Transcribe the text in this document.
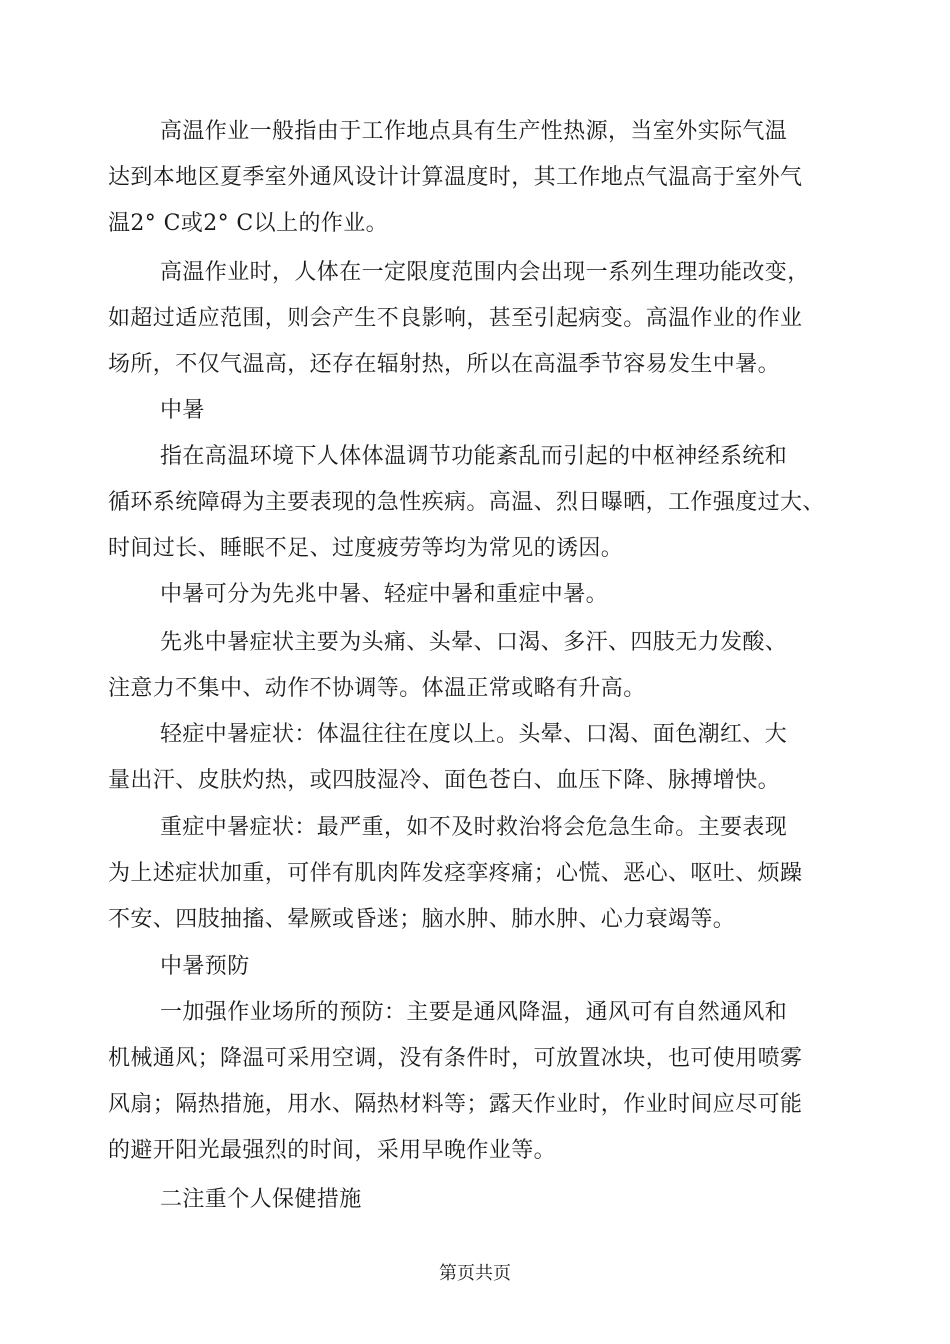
高温作业一般指由于工作地点具有生产性热源，当室外实际气温
达到本地区夏季室外通风设计计算温度时，其工作地点气温高于室外气
温2° C或2° C以上的作业。
高温作业时，人体在一定限度范围内会出现一系列生理功能改变，
如超过适应范围，则会产生不良影响，甚至引起病变。高温作业的作业
场所，不仅气温高，还存在辐射热，所以在高温季节容易发生中暑。
中暑
指在高温环境下人体体温调节功能紊乱而引起的中枢神经系统和
循环系统障碍为主要表现的急性疾病。高温、烈日曝晒，工作强度过大、
时间过长、睡眠不足、过度疲劳等均为常见的诱因。
中暑可分为先兆中暑、轻症中暑和重症中暑。
先兆中暑症状主要为头痛、头晕、口渴、多汗、四肢无力发酸、
注意力不集中、动作不协调等。体温正常或略有升高。
轻症中暑症状：体温往往在度以上。头晕、口渴、面色潮红、大
量出汗、皮肤灼热，或四肢湿冷、面色苍白、血压下降、脉搏增快。
重症中暑症状：最严重，如不及时救治将会危急生命。主要表现
为上述症状加重，可伴有肌肉阵发痉挛疼痛；心慌、恶心、呕吐、烦躁
不安、四肢抽搐、晕厥或昏迷；脑水肿、肺水肿、心力衰竭等。
中暑预防
一加强作业场所的预防：主要是通风降温，通风可有自然通风和
机械通风；降温可采用空调，没有条件时，可放置冰块，也可使用喷雾
风扇；隔热措施，用水、隔热材料等；露天作业时，作业时间应尽可能
的避开阳光最强烈的时间，采用早晚作业等。
二注重个人保健措施
第页共页
